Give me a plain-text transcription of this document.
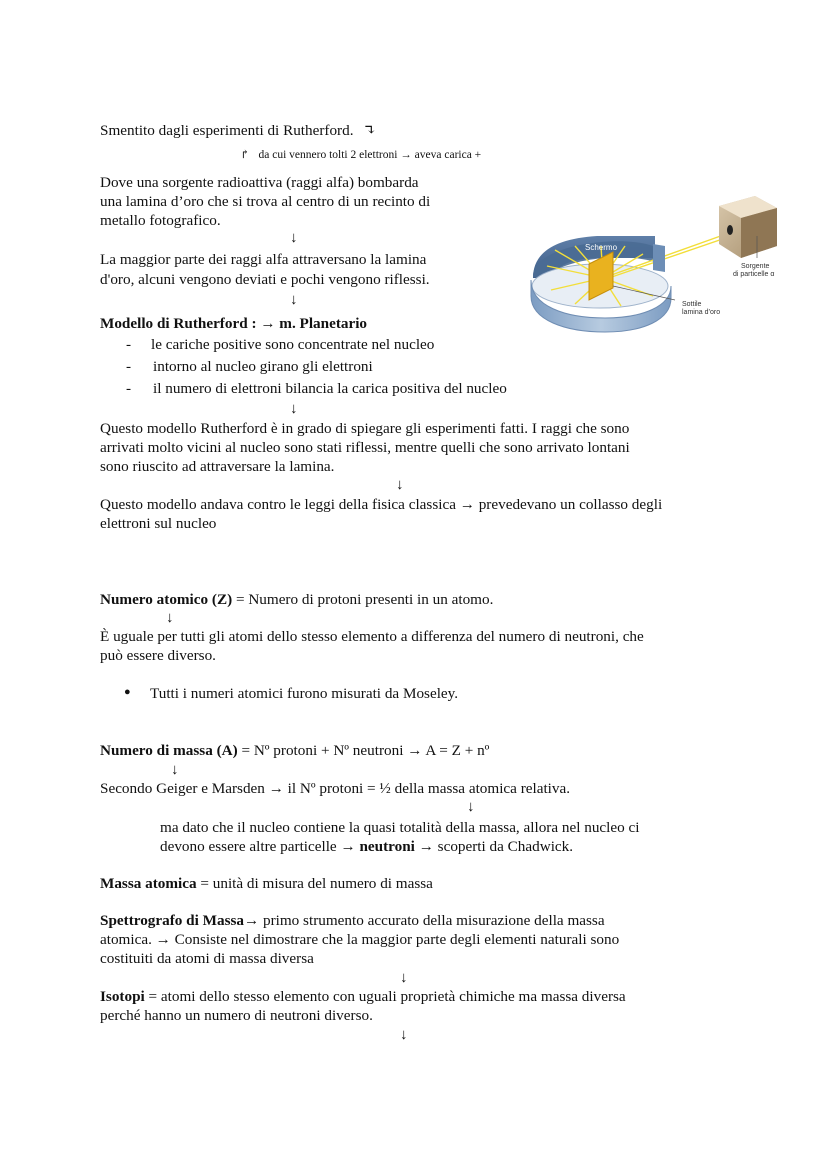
Smentito dagli esperimenti di Rutherford. ↴
↱ da cui vennero tolti 2 elettroni → aveva carica +
Dove una sorgente radioattiva (raggi alfa) bombarda
una lamina d’oro che si trova al centro di un recinto di
metallo fotografico.
↓
La maggior parte dei raggi alfa attraversano la lamina
d'oro, alcuni vengono deviati e pochi vengono riflessi.
↓
Modello di Rutherford : → m. Planetario
- le cariche positive sono concentrate nel nucleo
- intorno al nucleo girano gli elettroni
- il numero di elettroni bilancia la carica positiva del nucleo
↓
Questo modello Rutherford è in grado di spiegare gli esperimenti fatti. I raggi che sono
arrivati molto vicini al nucleo sono stati riflessi, mentre quelli che sono arrivato lontani
sono riuscito ad attraversare la lamina.
↓
Questo modello andava contro le leggi della fisica classica → prevedevano un collasso degli
elettroni sul nucleo
Schermo
Sorgente
di particelle α
Sottile
lamina d’oro
Numero atomico (Z) = Numero di protoni presenti in un atomo.
↓
È uguale per tutti gli atomi dello stesso elemento a differenza del numero di neutroni, che
può essere diverso.
● Tutti i numeri atomici furono misurati da Moseley.
Numero di massa (A) = Nº protoni + Nº neutroni → A = Z + nº
↓
Secondo Geiger e Marsden → il Nº protoni = ½ della massa atomica relativa.
↓
ma dato che il nucleo contiene la quasi totalità della massa, allora nel nucleo ci
devono essere altre particelle → neutroni → scoperti da Chadwick.
Massa atomica = unità di misura del numero di massa
Spettrografo di Massa→ primo strumento accurato della misurazione della massa
atomica. → Consiste nel dimostrare che la maggior parte degli elementi naturali sono
costituiti da atomi di massa diversa
↓
Isotopi = atomi dello stesso elemento con uguali proprietà chimiche ma massa diversa
perché hanno un numero di neutroni diverso.
↓
